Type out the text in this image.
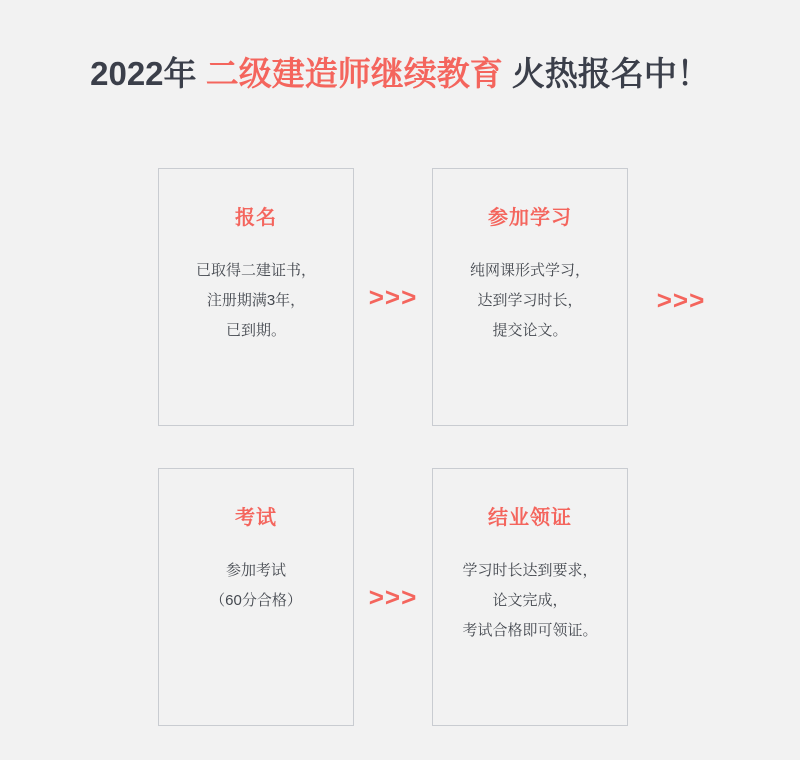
2022年 二级建造师继续教育 火热报名中！
报名
已取得二建证书，
注册期满3年，
已到期。
>>>
参加学习
纯网课形式学习，
达到学习时长，
提交论文。
>>>
考试
参加考试
（60分合格）	>>>
结业领证
学习时长达到要求，
论文完成，
考试合格即可领证。
